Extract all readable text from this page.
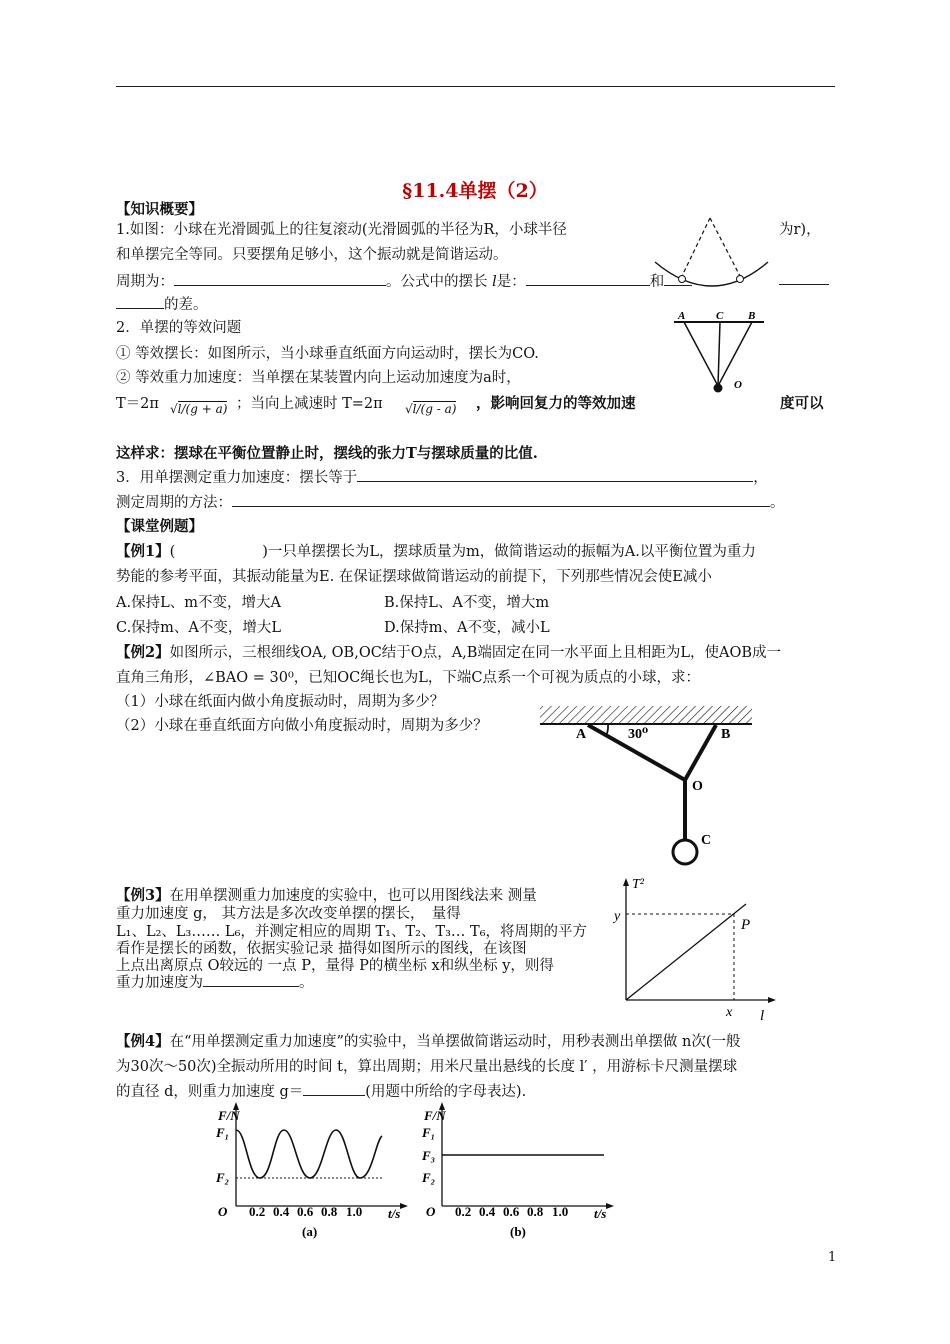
§11.4单摆（2）
【知识概要】
1.如图：小球在光滑圆弧上的往复滚动(光滑圆弧的半径为R，小球半径	为r)，
和单摆完全等同。只要摆角足够小，这个振动就是简谐运动。
周期为：	。公式中的摆长 l是：	和
的差。
2．单摆的等效问题
① 等效摆长：如图所示，当小球垂直纸面方向运动时，摆长为CO.
② 等效重力加速度：当单摆在某装置内向上运动加速度为a时，
A	C B
O
T＝2π √l/(g + a) ；当向上减速时 T=2π √l/(g - a) ，影响回复力的等效加速	度可以
这样求：摆球在平衡位置静止时，摆线的张力T与摆球质量的比值.
3．用单摆测定重力加速度：摆长等于	，
测定周期的方法：	。
【课堂例题】
【例1】(　　　　　　)一只单摆摆长为L，摆球质量为m，做简谐运动的振幅为A.以平衡位置为重力
势能的参考平面，其振动能量为E. 在保证摆球做简谐运动的前提下，下列那些情况会使E减小
A.保持L、m不变，增大A	B.保持L、A不变，增大m
C.保持m、A不变，增大L	D.保持m、A不变，减小L
【例2】如图所示，三根细线OA, OB,OC结于O点，A,B端固定在同一水平面上且相距为L，使AOB成一
直角三角形，∠BAO = 30⁰，已知OC绳长也为L，下端C点系一个可视为质点的小球，求：
（1）小球在纸面内做小角度振动时，周期为多少？
（2）小球在垂直纸面方向做小角度振动时，周期为多少？
A	30⁰	B
O
C
【例3】在用单摆测重力加速度的实验中，也可以用图线法来 测量
重力加速度 g， 其方法是多次改变单摆的摆长，　量得
L₁、L₂、L₃…… L₆，并测定相应的周期 T₁、T₂、T₃… T₆，将周期的平方
看作是摆长的函数，依据实验记录 描得如图所示的图线，在该图
上点出离原点 O较远的 一点 P，量得 P的横坐标 x和纵坐标 y，则得
重力加速度为	。
T²
y
P
x l
【例4】在“用单摆测定重力加速度”的实验中，当单摆做简谐运动时，用秒表测出单摆做 n次(一般
为30次～50次)全振动所用的时间 t，算出周期；用米尺量出悬线的长度 l′ ，用游标卡尺测量摆球
的直径 d，则重力加速度 g＝	(用题中所给的字母表达).
F/N
F₁
F₂
O 0.2 0.4 0.6 0.8 1.0 t/s
(a)
F/N
F₁
F₃
F₂
O 0.2 0.4 0.6 0.8 1.0 t/s
(b)
1
